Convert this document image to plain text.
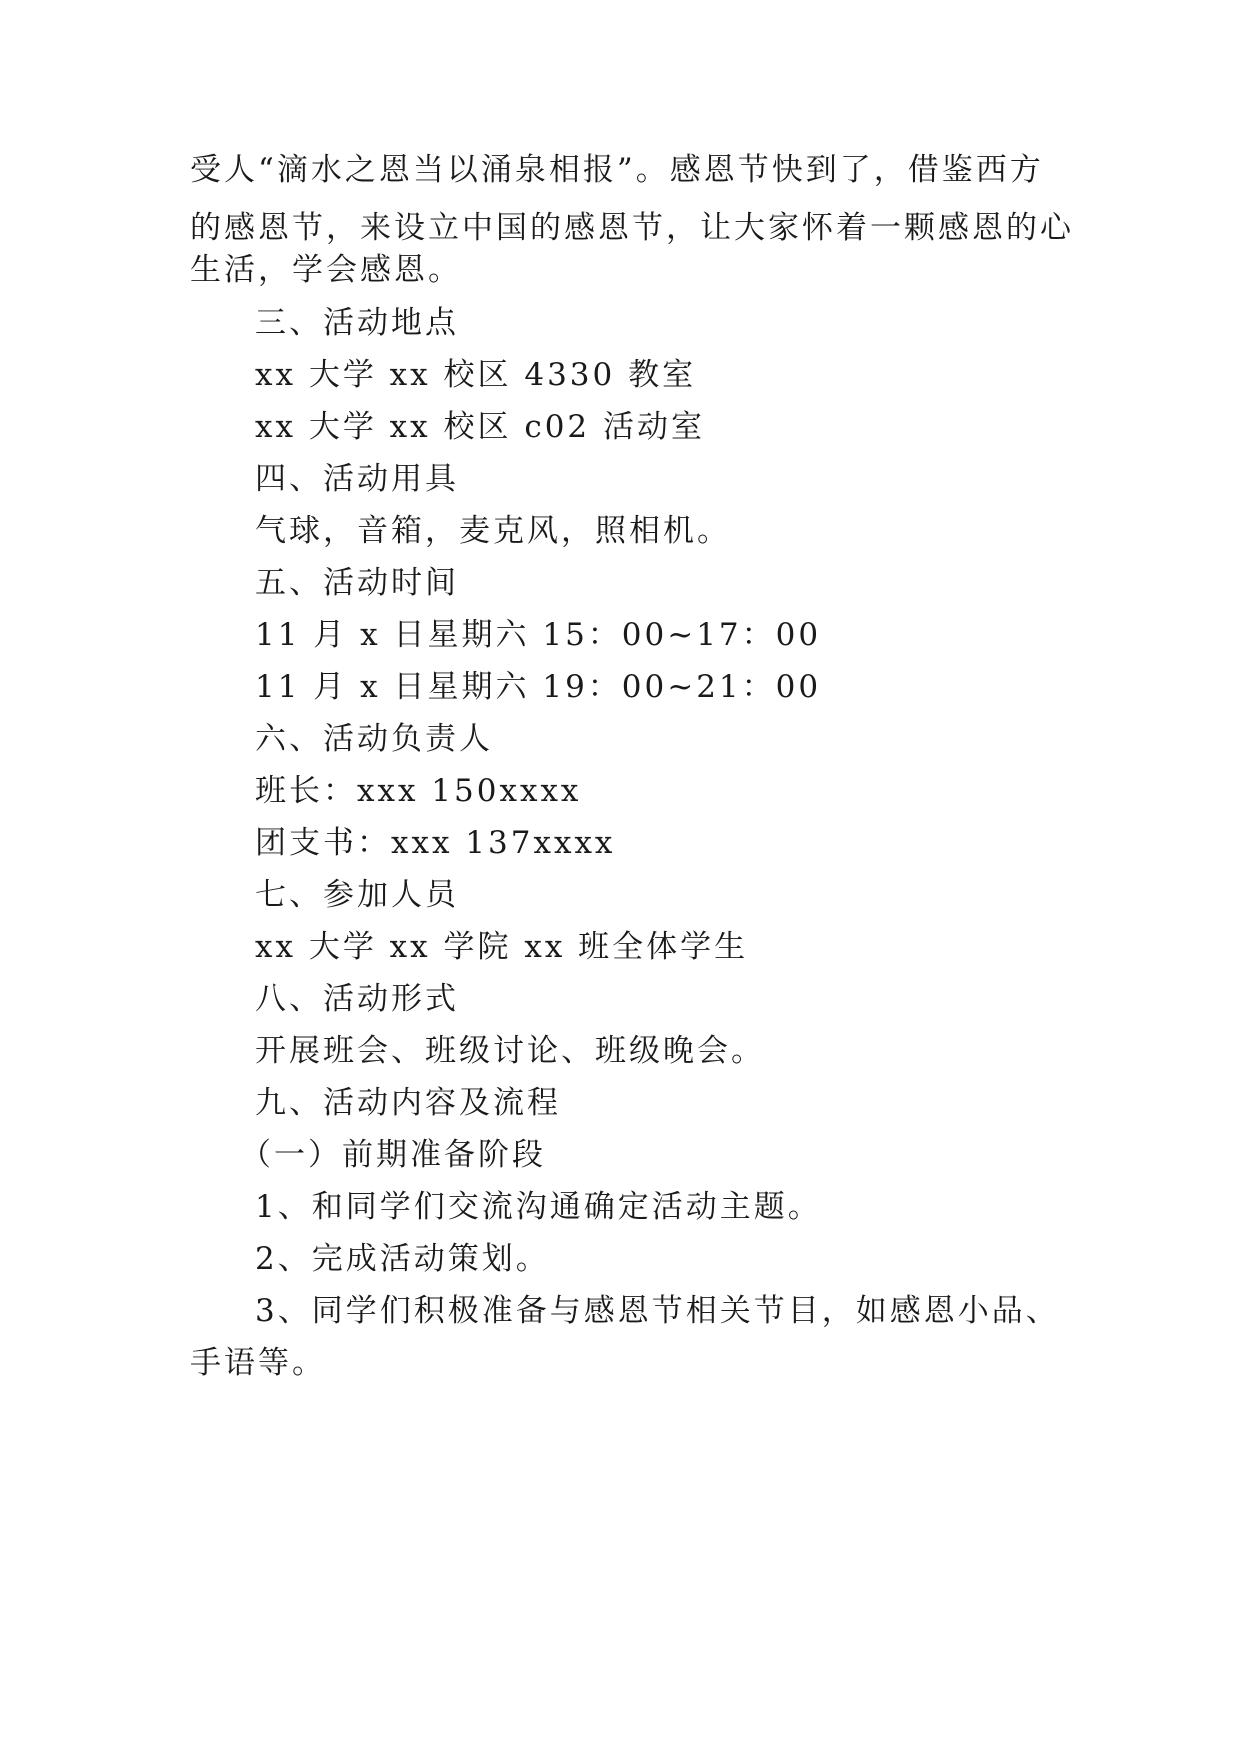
受人“滴水之恩当以涌泉相报”。感恩节快到了，借鉴西方
的感恩节，来设立中国的感恩节，让大家怀着一颗感恩的心
生活，学会感恩。
三、活动地点
xx 大学 xx 校区 4330 教室
xx 大学 xx 校区 c02 活动室
四、活动用具
气球，音箱，麦克风，照相机。
五、活动时间
11 月 x 日星期六 15：00~17：00
11 月 x 日星期六 19：00~21：00
六、活动负责人
班长：xxx 150xxxx
团支书：xxx 137xxxx
七、参加人员
xx 大学 xx 学院 xx 班全体学生
八、活动形式
开展班会、班级讨论、班级晚会。
九、活动内容及流程
（一）前期准备阶段
1、和同学们交流沟通确定活动主题。
2、完成活动策划。
3、同学们积极准备与感恩节相关节目，如感恩小品、
手语等。
